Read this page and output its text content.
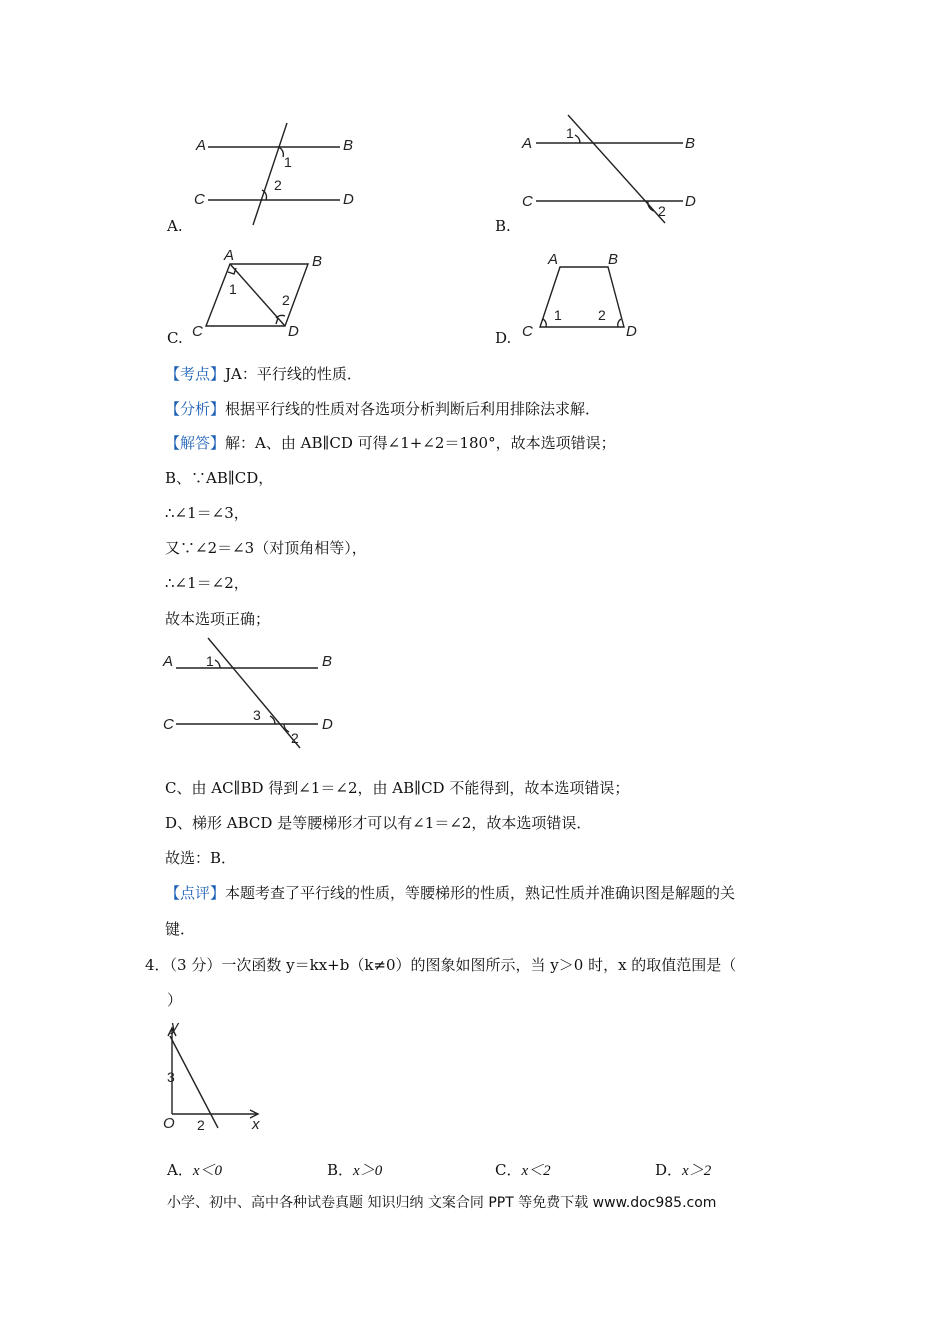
A	B
C	D
1
2
A.
A	B
C	D
1
2
B.
A	B
C	D
1
2
C.
A	B
C	D
1	2
D.
【考点】JA：平行线的性质．
【分析】根据平行线的性质对各选项分析判断后利用排除法求解．
【解答】解：A、由 AB∥CD 可得∠1+∠2＝180°，故本选项错误；
B、∵AB∥CD，
∴∠1＝∠3，
又∵∠2＝∠3（对顶角相等），
∴∠1＝∠2，
故本选项正确；
A	B
C	D
1
3
2
C、由 AC∥BD 得到∠1＝∠2，由 AB∥CD 不能得到，故本选项错误；
D、梯形 ABCD 是等腰梯形才可以有∠1＝∠2，故本选项错误．
故选：B．
【点评】本题考查了平行线的性质，等腰梯形的性质，熟记性质并准确识图是解题的关
键．
4．（3 分）一次函数 y＝kx+b（k≠0）的图象如图所示，当 y＞0 时，x 的取值范围是（
）
y
x
O
3
2
A．x＜0	B．x＞0	C．x＜2	D．x＞2
小学、初中、高中各种试卷真题 知识归纳 文案合同 PPT 等免费下载 www.doc985.com
